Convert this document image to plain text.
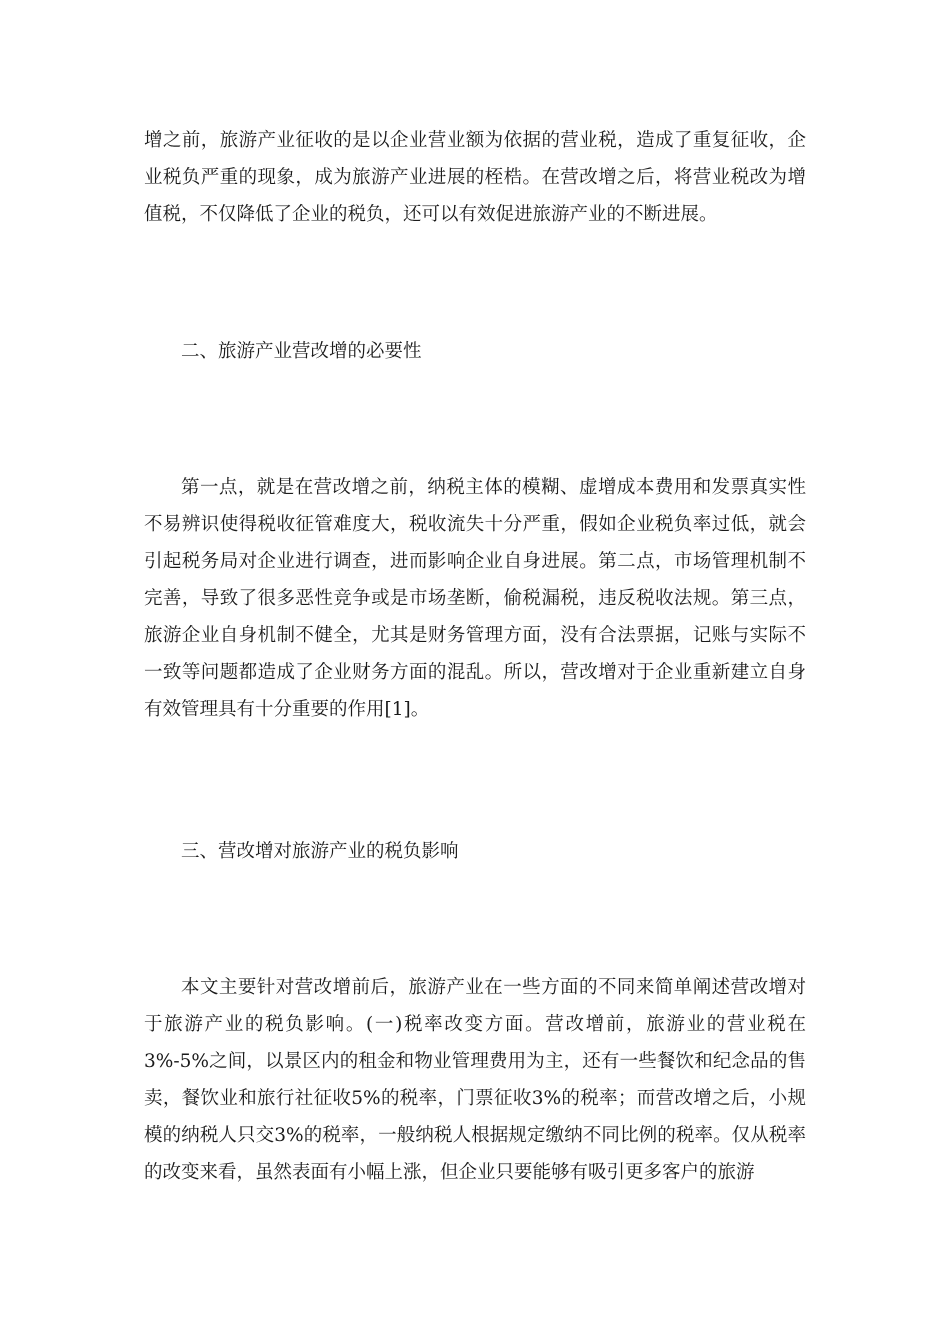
增之前，旅游产业征收的是以企业营业额为依据的营业税，造成了重复征收，企业税负严重的现象，成为旅游产业进展的桎梏。在营改增之后，将营业税改为增值税，不仅降低了企业的税负，还可以有效促进旅游产业的不断进展。

二、旅游产业营改增的必要性

第一点，就是在营改增之前，纳税主体的模糊、虚增成本费用和发票真实性不易辨识使得税收征管难度大，税收流失十分严重，假如企业税负率过低，就会引起税务局对企业进行调查，进而影响企业自身进展。第二点，市场管理机制不完善，导致了很多恶性竞争或是市场垄断，偷税漏税，违反税收法规。第三点，旅游企业自身机制不健全，尤其是财务管理方面，没有合法票据，记账与实际不一致等问题都造成了企业财务方面的混乱。所以，营改增对于企业重新建立自身有效管理具有十分重要的作用[1]。

三、营改增对旅游产业的税负影响

本文主要针对营改增前后，旅游产业在一些方面的不同来简单阐述营改增对于旅游产业的税负影响。(一)税率改变方面。营改增前，旅游业的营业税在3%-5%之间，以景区内的租金和物业管理费用为主，还有一些餐饮和纪念品的售卖，餐饮业和旅行社征收5%的税率，门票征收3%的税率；而营改增之后，小规模的纳税人只交3%的税率，一般纳税人根据规定缴纳不同比例的税率。仅从税率的改变来看，虽然表面有小幅上涨，但企业只要能够有吸引更多客户的旅游
